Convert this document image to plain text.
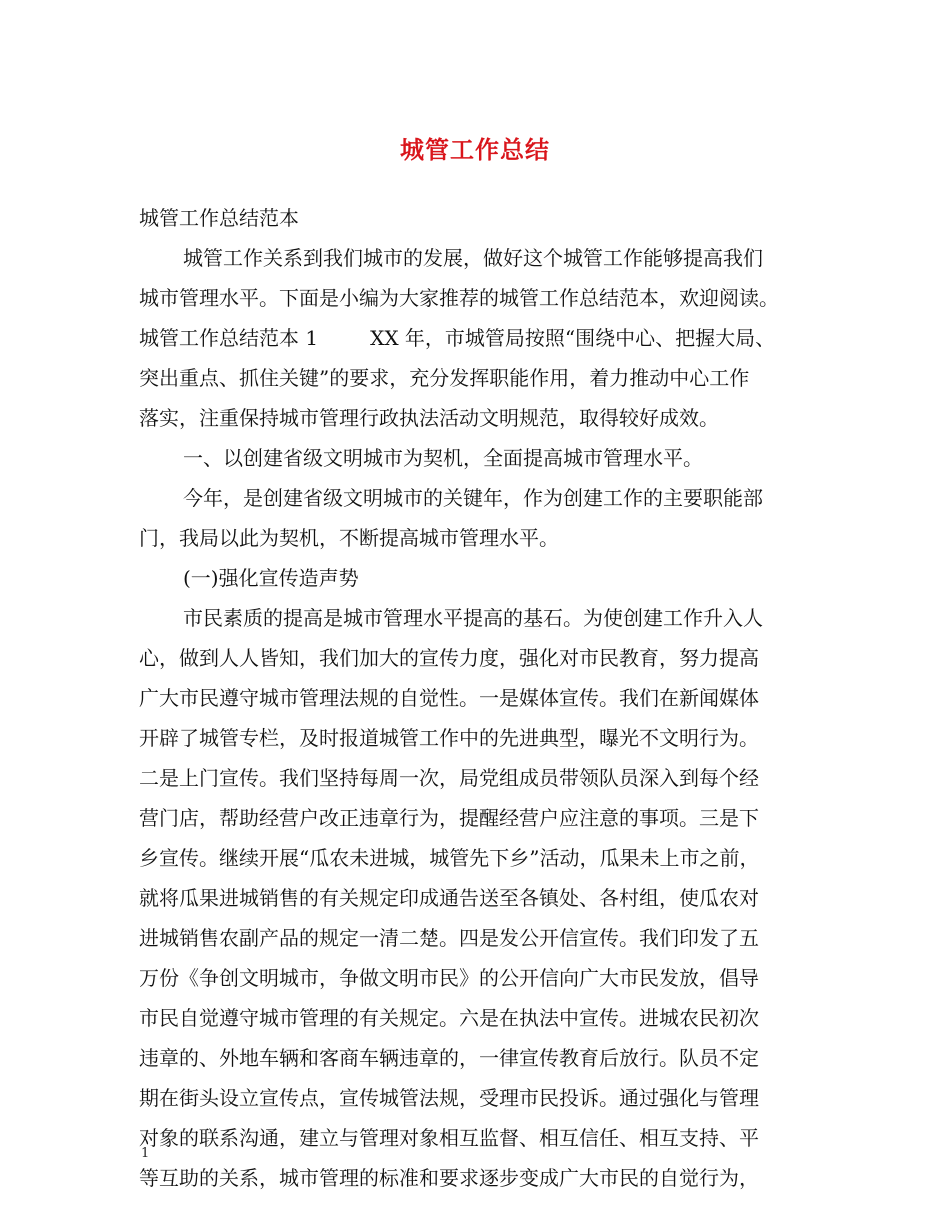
城管工作总结
城管工作总结范本
城管工作关系到我们城市的发展，做好这个城管工作能够提高我们
城市管理水平。下面是小编为大家推荐的城管工作总结范本，欢迎阅读。
城管工作总结范本 1	XX 年，市城管局按照“围绕中心、把握大局、
突出重点、抓住关键”的要求，充分发挥职能作用，着力推动中心工作
落实，注重保持城市管理行政执法活动文明规范，取得较好成效。
一、以创建省级文明城市为契机，全面提高城市管理水平。
今年，是创建省级文明城市的关键年，作为创建工作的主要职能部
门，我局以此为契机，不断提高城市管理水平。
(一)强化宣传造声势
市民素质的提高是城市管理水平提高的基石。为使创建工作升入人
心，做到人人皆知，我们加大的宣传力度，强化对市民教育，努力提高
广大市民遵守城市管理法规的自觉性。一是媒体宣传。我们在新闻媒体
开辟了城管专栏，及时报道城管工作中的先进典型，曝光不文明行为。
二是上门宣传。我们坚持每周一次，局党组成员带领队员深入到每个经
营门店，帮助经营户改正违章行为，提醒经营户应注意的事项。三是下
乡宣传。继续开展“瓜农未进城，城管先下乡”活动，瓜果未上市之前，
就将瓜果进城销售的有关规定印成通告送至各镇处、各村组，使瓜农对
进城销售农副产品的规定一清二楚。四是发公开信宣传。我们印发了五
万份《争创文明城市，争做文明市民》的公开信向广大市民发放，倡导
市民自觉遵守城市管理的有关规定。六是在执法中宣传。进城农民初次
违章的、外地车辆和客商车辆违章的，一律宣传教育后放行。队员不定
期在街头设立宣传点，宣传城管法规，受理市民投诉。通过强化与管理
对象的联系沟通，建立与管理对象相互监督、相互信任、相互支持、平
等互助的关系，城市管理的标准和要求逐步变成广大市民的自觉行为，
1
